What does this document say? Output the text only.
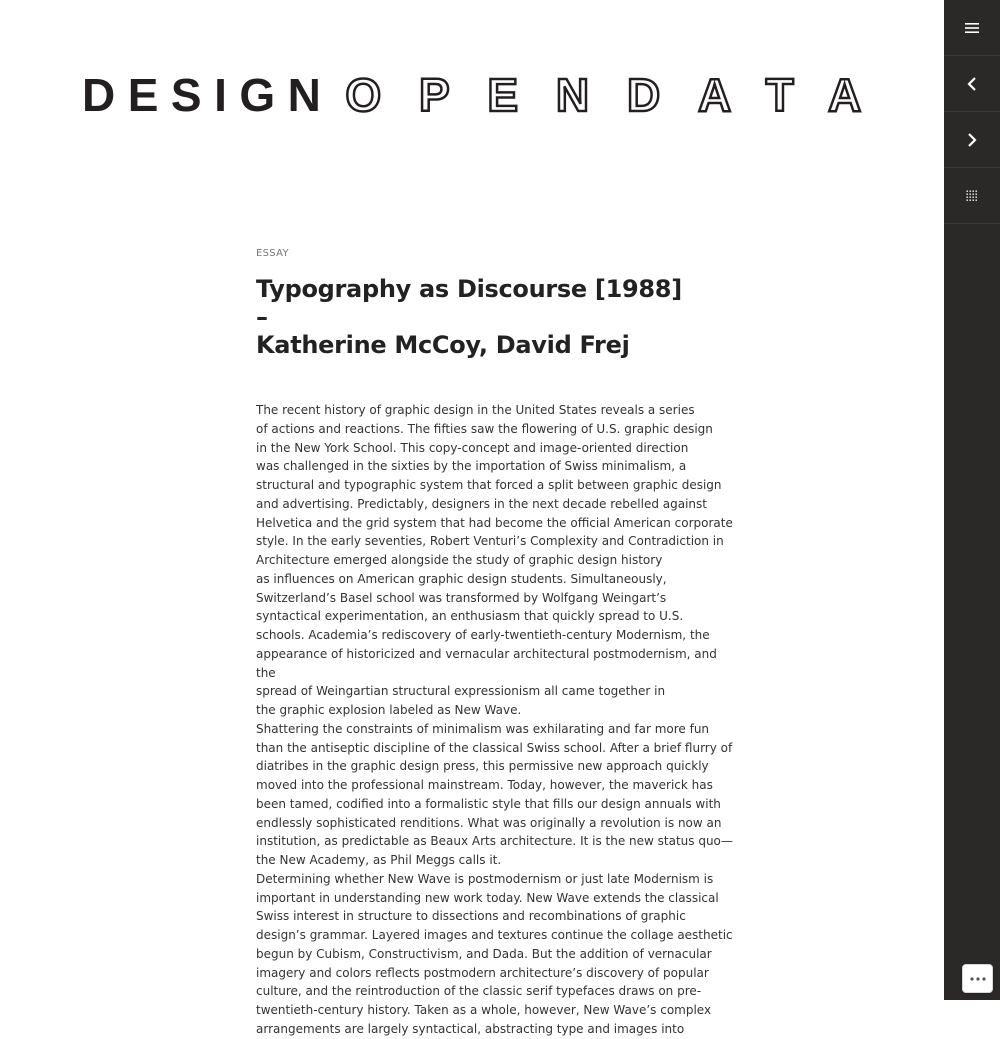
DESIGN OPENDATA
ESSAY
Typography as Discourse [1988] –
Katherine McCoy, David Frej
The recent history of graphic design in the United States reveals a series
of actions and reactions. The fifties saw the flowering of U.S. graphic design
in the New York School. This copy-concept and image-oriented direction
was challenged in the sixties by the importation of Swiss minimalism, a
structural and typographic system that forced a split between graphic design
and advertising. Predictably, designers in the next decade rebelled against
Helvetica and the grid system that had become the official American corporate
style. In the early seventies, Robert Venturi’s Complexity and Contradiction in
Architecture emerged alongside the study of graphic design history
as influences on American graphic design students. Simultaneously,
Switzerland’s Basel school was transformed by Wolfgang Weingart’s
syntactical experimentation, an enthusiasm that quickly spread to U.S.
schools. Academia’s rediscovery of early-twentieth-century Modernism, the
appearance of historicized and vernacular architectural postmodernism, and
the
spread of Weingartian structural expressionism all came together in
the graphic explosion labeled as New Wave.
Shattering the constraints of minimalism was exhilarating and far more fun
than the antiseptic discipline of the classical Swiss school. After a brief flurry of
diatribes in the graphic design press, this permissive new approach quickly
moved into the professional mainstream. Today, however, the maverick has
been tamed, codified into a formalistic style that fills our design annuals with
endlessly sophisticated renditions. What was originally a revolution is now an
institution, as predictable as Beaux Arts architecture. It is the new status quo—
the New Academy, as Phil Meggs calls it.
Determining whether New Wave is postmodernism or just late Modernism is
important in understanding new work today. New Wave extends the classical
Swiss interest in structure to dissections and recombinations of graphic
design’s grammar. Layered images and textures continue the collage aesthetic
begun by Cubism, Constructivism, and Dada. But the addition of vernacular
imagery and colors reflects postmodern architecture’s discovery of popular
culture, and the reintroduction of the classic serif typefaces draws on pre-
twentieth-century history. Taken as a whole, however, New Wave’s complex
arrangements are largely syntactical, abstracting type and images into
